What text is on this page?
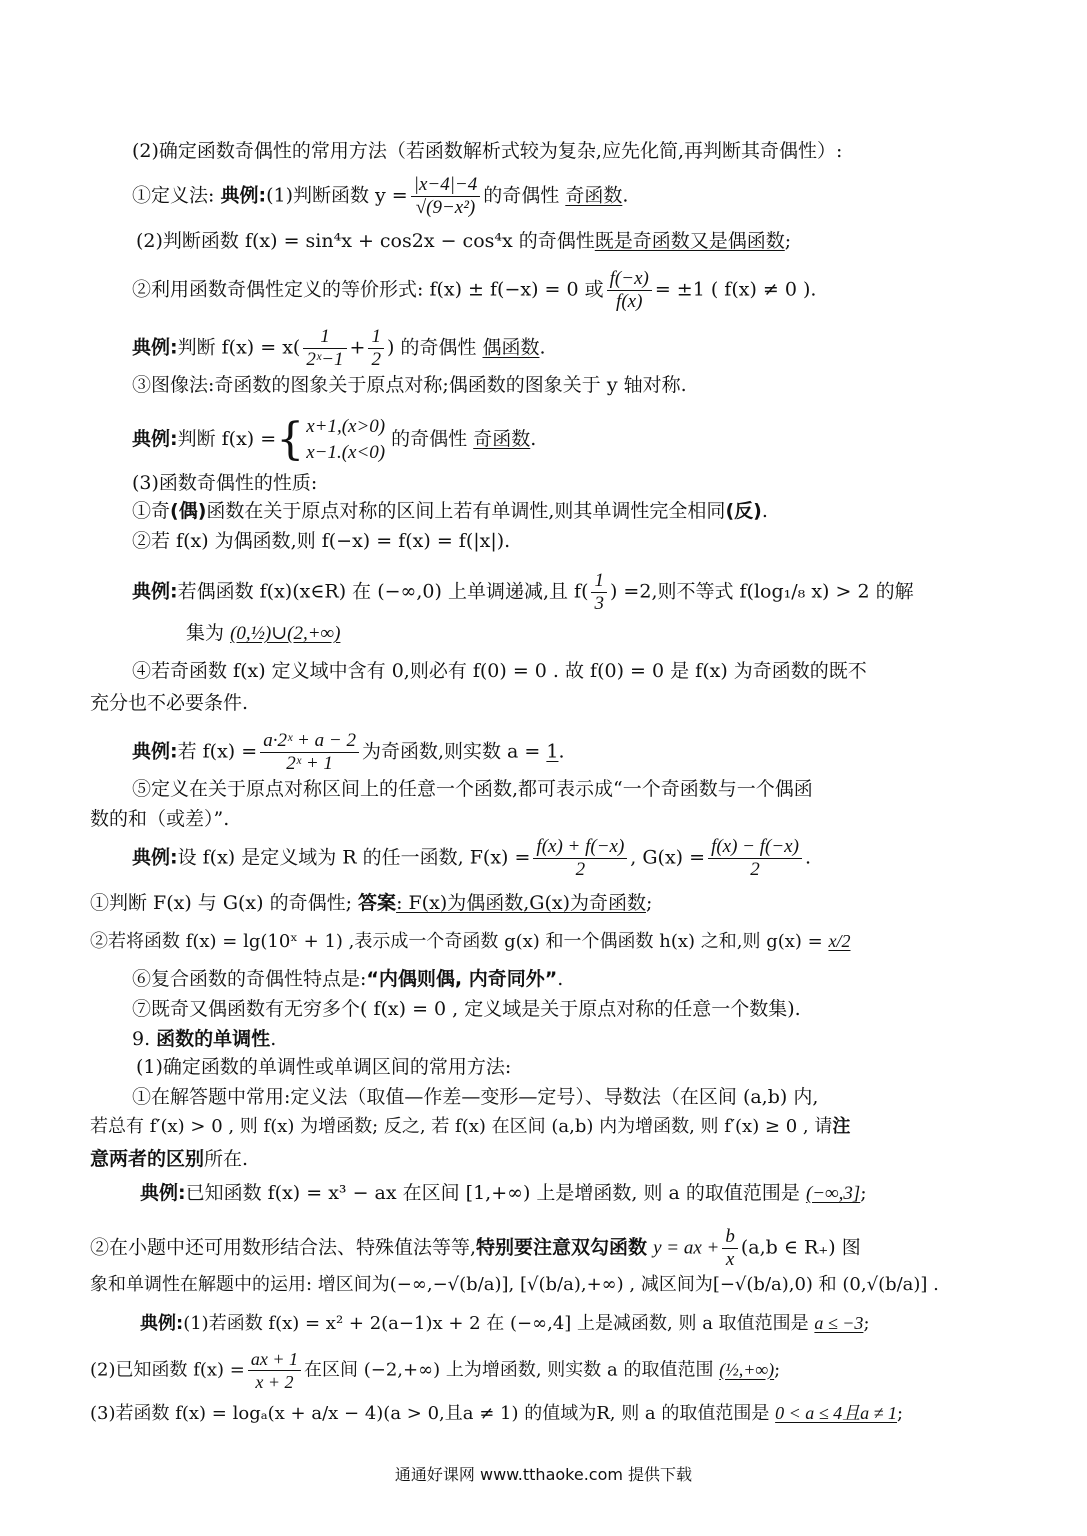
(2)确定函数奇偶性的常用方法（若函数解析式较为复杂,应先化简,再判断其奇偶性）:
①定义法: 典例:(1)判断函数 $y = \frac{|x-4|-4}{\text{√(9−x²)}}$ 的奇偶性 奇函数.
(2)判断函数 f(x) = sin⁴x + cos2x − cos⁴x 的奇偶性既是奇函数又是偶函数;
②利用函数奇偶性定义的等价形式: f(x) ± f(−x) = 0 或 $\frac{f(-x)}{f(x)} = \pm 1$ ( f(x) ≠ 0 ).
典例:判断 $f(x) = x( \frac{1}{\text{2ˣ−1}} + \frac{1}{2}$ ) 的奇偶性 偶函数.
③图像法:奇函数的图象关于原点对称;偶函数的图象关于 y 轴对称.
典例:判断 f(x) ={ x+1,(x>0)
x−1.(x<0)
的奇偶性 奇函数.
(3)函数奇偶性的性质:
①奇(偶)函数在关于原点对称的区间上若有单调性,则其单调性完全相同(反).
②若 f(x) 为偶函数,则 f(−x) = f(x) = f(|x|).
典例:若偶函数 f(x)(x∈R) 在 (−∞,0) 上单调递减,且 $f( \frac{1}{3}$ ) =2,则不等式 f(log₁/₈ x) > 2 的解
集为 (0,½)∪(2,+∞)
④若奇函数 f(x) 定义域中含有 0,则必有 f(0) = 0 . 故 f(0) = 0 是 f(x) 为奇函数的既不
充分也不必要条件.
典例:若 $f(x) = \frac{\text{a·2ˣ + a − 2}}{\text{2ˣ + 1}}$ 为奇函数,则实数 a = 1.
⑤定义在关于原点对称区间上的任意一个函数,都可表示成“一个奇函数与一个偶函
数的和（或差）”.
典例:设 f(x) 是定义域为 R 的任一函数, $F(x) = \frac{f(x) + f(-x)}{2}$ , $G(x) = \frac{f(x) - f(-x)}{2}$ .
①判断 F(x) 与 G(x) 的奇偶性; 答案: F(x)为偶函数,G(x)为奇函数;
②若将函数 f(x) = lg(10ˣ + 1) ,表示成一个奇函数 g(x) 和一个偶函数 h(x) 之和,则 g(x) = x/2
⑥复合函数的奇偶性特点是:“内偶则偶, 内奇同外”.
⑦既奇又偶函数有无穷多个( f(x) = 0 , 定义域是关于原点对称的任意一个数集).
9. 函数的单调性.
(1)确定函数的单调性或单调区间的常用方法:
①在解答题中常用:定义法（取值—作差—变形—定号）、导数法（在区间 (a,b) 内,
若总有 f′(x) > 0 , 则 f(x) 为增函数; 反之, 若 f(x) 在区间 (a,b) 内为增函数, 则 f′(x) ≥ 0 , 请注
意两者的区别所在.
典例:已知函数 f(x) = x³ − ax 在区间 [1,+∞) 上是增函数, 则 a 的取值范围是 (−∞,3];
②在小题中还可用数形结合法、特殊值法等等,特别要注意双勾函数 y = ax + $\frac{b}{x} (a,b$ ∈ R₊) 图
象和单调性在解题中的运用: 增区间为(−∞,−√(b/a)], [√(b/a),+∞) , 减区间为[−√(b/a),0) 和 (0,√(b/a)] .
典例:(1)若函数 f(x) = x² + 2(a−1)x + 2 在 (−∞,4] 上是减函数, 则 a 取值范围是 a ≤ −3;
(2)已知函数 $f(x) = \frac{ax + 1}{x + 2}$ 在区间 (−2,+∞) 上为增函数, 则实数 a 的取值范围 (½,+∞);
(3)若函数 f(x) = logₐ(x + a/x − 4)(a > 0,且a ≠ 1) 的值域为R, 则 a 的取值范围是 0 < a ≤ 4且a ≠ 1;
通通好课网 www.tthaoke.com 提供下载
